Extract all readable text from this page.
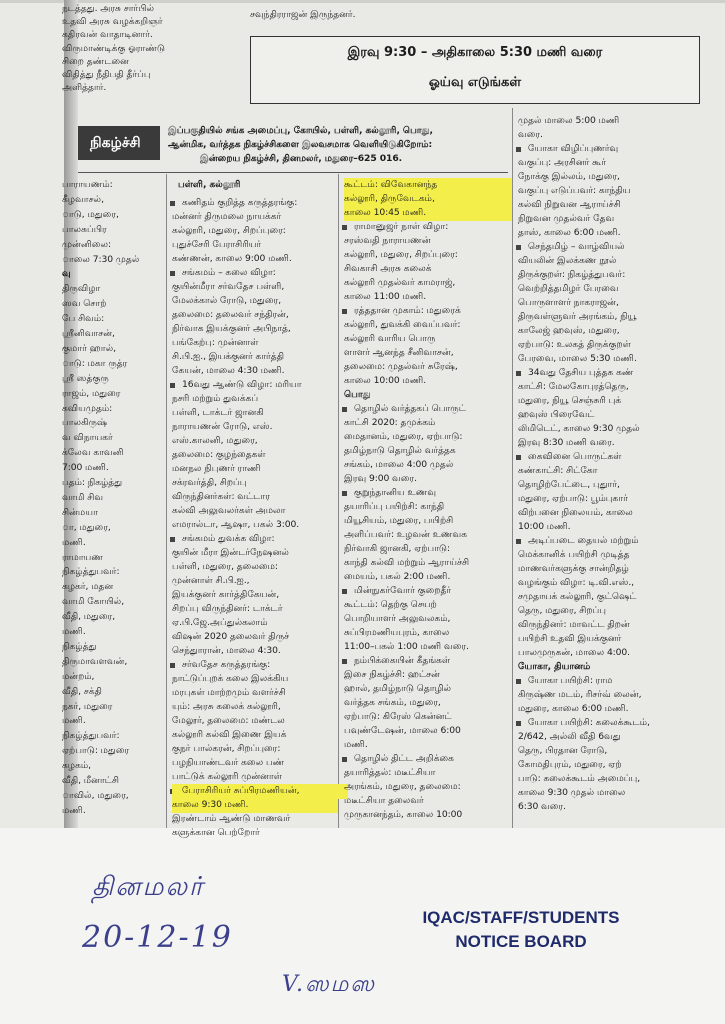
சவுந்திரராஜன் இருந்தனர்.
இரவு 9:30 – அதிகாலை 5:30 மணி வரை
ஓய்வு எடுங்கள்
நடத்தது. அரசு சார்பில்
உதவி அரசு வழக்கறிஞர்
கதிரவன் வாதாடினார்.
விருமாண்டிக்கு ஓராண்டு
சிறை தண்டனை
விதித்து நீதிபதி தீர்ப்பு
அளித்தார்.
நிகழ்ச்சி
இப்பகுதியில் சங்க அமைப்பு, கோயில், பள்ளி, கல்லூரி, பொது,
ஆன்மிக, வர்த்தக நிகழ்ச்சிகளை இலவசமாக வெளியிடுகிறோம்:
இன்றைய நிகழ்ச்சி, தினமலர், மதுரை–625 016.
பள்ளி, கல்லூரி
பாராயணம்:
கீழவாசல்,
ாடு, மதுரை,
பாலசுப்பிர
முன்னிலை:
ாலை 7:30 முதல்
வு
திருவிழா
ஸவ சொற்
பே சிவம்:
ஸ்ரீனிவாசன்,
குமார் ஹால்,
ாடு: மகா ருத்ர
ஸ்ரீ ஸத்குரு
ராஜம், மதுரை
கவியமுதம்:
பாலகிருஷ்
வ விநாயகர்
க்லேவ காவனி
7:00 மணி.
பதம்: நிகழ்த்து
வாமி சிவ
சின்மயா
ா, மதுரை,
மணி.
ராமாயண
நிகழ்த்துபவர்:
கழகர், மதன
வாமி கோயில்,
வீதி, மதுரை,
மணி.
நிகழ்த்து
திருமாவளவன்,
மன்றம்,
வீதி, சக்தி
நகர், மதுரை
மணி.
நிகழ்த்துபவர்:
ஏற்பாடு: மதுரை
கழகம்,
வீதி, மீனாட்சி
ாவில், மதுரை,
மணி.
கணிதம் குறித்த கருத்தரங்கு:
மன்னர் திருமலை நாயக்கர்
கல்லூரி, மதுரை, சிறப்புரை:
புதுச்சேரி பேராசிரியர்
கண்ணன், காலை 9:00 மணி.
சங்கமம் – கலை விழா:
குயின்மீரா சர்வதேச பள்ளி,
மேலக்கால் ரோடு, மதுரை,
தலைமை: தலைவர் சந்திரன்,
நிர்வாக இயக்குனர் அபிநாத்,
பங்கேற்பு: முன்னாள்
சி.பி.ஐ., இயக்குனர் கார்த்தி
கேயன், மாலை 4:30 மணி.
16வது ஆண்டு விழா: மரியா
நசரி மற்றும் துவக்கப்
பள்ளி, டாக்டர் ஜானகி
நாராயணன் ரோடு, எஸ்.
எஸ்.காலனி, மதுரை,
தலைமை: குழந்தைகள்
மனநல நிபுணர் ராணி
சக்ரவர்த்தி, சிறப்பு
விருந்தினர்கள்: வட்டார
கல்வி அலுவலர்கள் அமலா
எமரால்டா, ஆஷா, பகல் 3:00.
சங்கமம் துவக்க விழா:
குயின் மீரா இன்டர்நேஷனல்
பள்ளி, மதுரை, தலைமை:
முன்னாள் சி.பி.ஐ.,
இயக்குனர் கார்த்திகேயன்,
சிறப்பு விருந்தினர்: டாக்டர்
ஏ.பி.ஜே.அப்துல்கலாம்
விஷன் 2020 தலைவர் திருச்
செந்துாரான், மாலை 4:30.
சர்வதேச கருத்தரங்கு:
நாட்டுப்புறக் கலை இலக்கிய
மரபுகள் மாற்றமும் வளர்ச்சி
யும்: அரசு கலைக் கல்லூரி,
மேலூர், தலைமை: மண்டல
கல்லூரி கல்வி இணை இயக்
குநர் பால்கரன், சிறப்புரை:
பழநியாண்டவர் கலை பண்
பாட்டுக் கல்லூரி முன்னாள்
பேராசிரியர் சுப்பிரமணியன்,
காலை 9:30 மணி.
இரண்டாம் ஆண்டு மாணவர்
களுக்கான பெற்றோர்
கூட்டம்: விவேகானந்த
கல்லூரி, திருவேடகம்,
காலை 10:45 மணி.
ராமானுஜர் நாள் விழா:
சரஸ்வதி நாராயணன்
கல்லூரி, மதுரை, சிறப்புரை:
சிவகாசி அரசு கலைக்
கல்லூரி முதல்வர் காமராஜ்,
காலை 11:00 மணி.
ரத்ததான முகாம்: மதுரைக்
கல்லூரி, துவக்கி வைப்பவர்:
கல்லூரி வாரிய பொரு
ளாளர் ஆனந்த சீனிவாசன்,
தலைமை: முதல்வர் சுரேஷ்,
காலை 10:00 மணி.
பொது
தொழில் வர்த்தகப் பொருட்
காட்சி 2020: தமுக்கம்
மைதானம், மதுரை, ஏற்பாடு:
தமிழ்நாடு தொழில் வர்த்தக
சங்கம், மாலை 4:00 முதல்
இரவு 9:00 வரை.
குறுந்தானிய உணவு
தயாரிப்பு பயிற்சி: காந்தி
மியூசியம், மதுரை, பயிற்சி
அளிப்பவர்: உழவன் உணவக
நிர்வாகி ஜானகி, ஏற்பாடு:
காந்தி கல்வி மற்றும் ஆராய்ச்சி
மையம், பகல் 2:00 மணி.
மின்நுகர்வோர் குறைதீர்
கூட்டம்: தெற்கு செயற்
பொறியாளர் அலுவலகம்,
சுப்பிரமணியபுரம், காலை
11:00–பகல் 1:00 மணி வரை.
நம்பிக்கையின் கீதங்கள்
இசை நிகழ்ச்சி: ஹட்சன்
ஹால், தமிழ்நாடு தொழில்
வர்த்தக சங்கம், மதுரை,
ஏற்பாடு: கிரேஸ் கென்னட்
பவுண்டேஷன், மாலை 6:00
மணி.
தொழில் திட்ட அறிக்கை
தயாரித்தல்: மடீட்சியா
அரங்கம், மதுரை, தலைமை:
மடீட்சியா தலைவர்
முருகானந்தம், காலை 10:00
முதல் மாலை 5:00 மணி
வரை.
யோகா விழிப்புணர்வு
வகுப்பு: அரசினர் கூர்
நோக்கு இல்லம், மதுரை,
வகுப்பு எடுப்பவர்: காந்திய
கல்வி நிறுவன ஆராய்ச்சி
நிறுவன முதல்வர் தேவ
தாஸ், காலை 6:00 மணி.
செந்தமிழ் – வாழ்வியல்
வியலின் இலக்கண நூல்
திருக்குறள்: நிகழ்த்துபவர்:
வெற்றித்தமிழர் பேரவை
பொருளாளர் நாகராஜன்,
திருவள்ளுவர் அரங்கம், நியூ
காலேஜ் ஹவுஸ், மதுரை,
ஏற்பாடு: உலகத் திருக்குறள்
பேரவை, மாலை 5:30 மணி.
34வது தேசிய புத்தக கண்
காட்சி: மேலகோபுரத்தெரு,
மதுரை, நியூ செஞ்சுரி புக்
ஹவுஸ் பிரைவேட்
லிமிடெட், காலை 9:30 முதல்
இரவு 8:30 மணி வரை.
கைவினை பொருட்கள்
கண்காட்சி: சிட்கோ
தொழிற்பேட்டை, புதுார்,
மதுரை, ஏற்பாடு: பூம்புகார்
விற்பனை நிலையம், காலை
10:00 மணி.
அடிப்படை தையல் மற்றும்
மெக்கானிக் பயிற்சி முடித்த
மாணவர்களுக்கு சான்றிதழ்
வழங்கும் விழா: டி.வி.எஸ்.,
சமுதாயக் கல்லூரி, குட்ஷெட்
தெரு, மதுரை, சிறப்பு
விருந்தினர்: மாவட்ட திறன்
பயிற்சி உதவி இயக்குனர்
பாலமுருகன், மாலை 4:00.
யோகா, தியானம்
யோகா பயிற்சி: ராம
கிருஷ்ண மடம், ரிசர்வ் லைன்,
மதுரை, காலை 6:00 மணி.
யோகா பயிற்சி: கலைக்கூடம்,
2/642, அல்லி வீதி 6வது
தெரு, பிரதான ரோடு,
கோமதிபுரம், மதுரை, ஏற்
பாடு: கலைக்கூடம் அமைப்பு,
காலை 9:30 முதல் மாலை
6:30 வரை.
தினமலர்
20-12-19
V.ஸமஸ
IQAC/STAFF/STUDENTS
NOTICE BOARD
